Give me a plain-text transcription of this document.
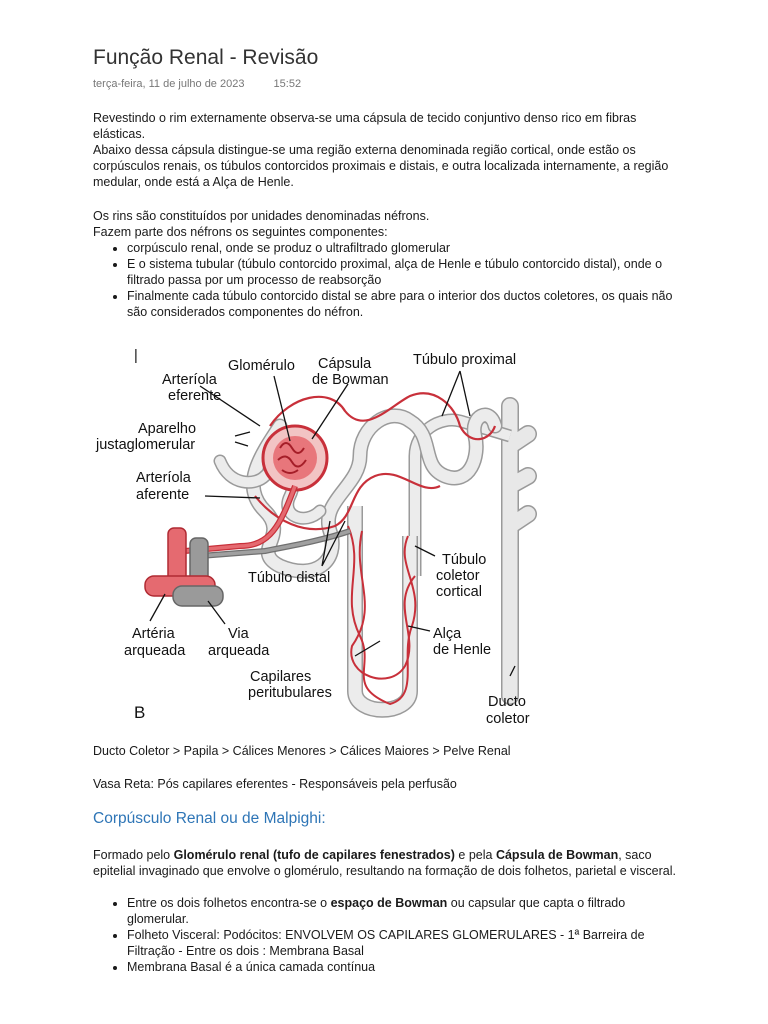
Função Renal - Revisão
terça-feira, 11 de julho de 2023	15:52
Revestindo o rim externamente observa-se uma cápsula de tecido conjuntivo denso rico em fibras elásticas.
Abaixo dessa cápsula distingue-se uma região externa denominada região cortical, onde estão os corpúsculos renais, os túbulos contorcidos proximais e distais, e outra localizada internamente, a região medular, onde está a Alça de Henle.
Os rins são constituídos por unidades denominadas néfrons.
Fazem parte dos néfrons os seguintes componentes:
• corpúsculo renal, onde se produz o ultrafiltrado glomerular
• E o sistema tubular (túbulo contorcido proximal, alça de Henle e túbulo contorcido distal), onde o filtrado passa por um processo de reabsorção
• Finalmente cada túbulo contorcido distal se abre para o interior dos ductos coletores, os quais não são considerados componentes do néfron.
|
Glomérulo Cápsula
de Bowman
Túbulo proximal
Arteríola
eferente
Aparelho
justaglomerular
Arteríola
aferente
Túbulo
coletor
cortical
Túbulo distal
Artéria
arqueada
Via
arqueada
Alça
de Henle
Capilares
peritubulares
Ducto
coletor
B
Ducto Coletor > Papila > Cálices Menores > Cálices Maiores > Pelve Renal
Vasa Reta: Pós capilares eferentes - Responsáveis pela perfusão
Corpúsculo Renal ou de Malpighi:
Formado pelo Glomérulo renal (tufo de capilares fenestrados) e pela Cápsula de Bowman, saco epitelial invaginado que envolve o glomérulo, resultando na formação de dois folhetos, parietal e visceral.
• Entre os dois folhetos encontra-se o espaço de Bowman ou capsular que capta o filtrado glomerular.
• Folheto Visceral: Podócitos: ENVOLVEM OS CAPILARES GLOMERULARES - 1ª Barreira de Filtração - Entre os dois : Membrana Basal
• Membrana Basal é a única camada contínua
